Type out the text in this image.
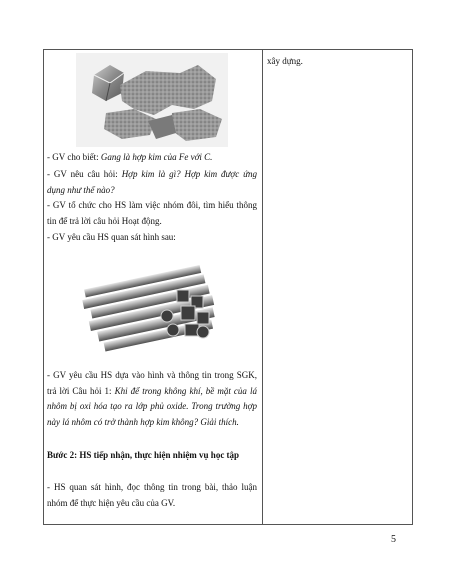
- GV cho biết: Gang là hợp kim của Fe với C.
- GV nêu câu hỏi: Hợp kim là gì? Hợp kim được ứng dụng như thế nào?
- GV tổ chức cho HS làm việc nhóm đôi, tìm hiểu thông tin để trả lời câu hỏi Hoạt động.
- GV yêu cầu HS quan sát hình sau:
- GV yêu cầu HS dựa vào hình và thông tin trong SGK, trả lời Câu hỏi 1: Khi để trong không khí, bề mặt của lá nhôm bị oxi hóa tạo ra lớp phủ oxide. Trong trường hợp này lá nhôm có trở thành hợp kim không? Giải thích.
Bước 2: HS tiếp nhận, thực hiện nhiệm vụ học tập
- HS quan sát hình, đọc thông tin trong bài, thảo luận nhóm để thực hiện yêu cầu của GV.
xây dựng.
5
